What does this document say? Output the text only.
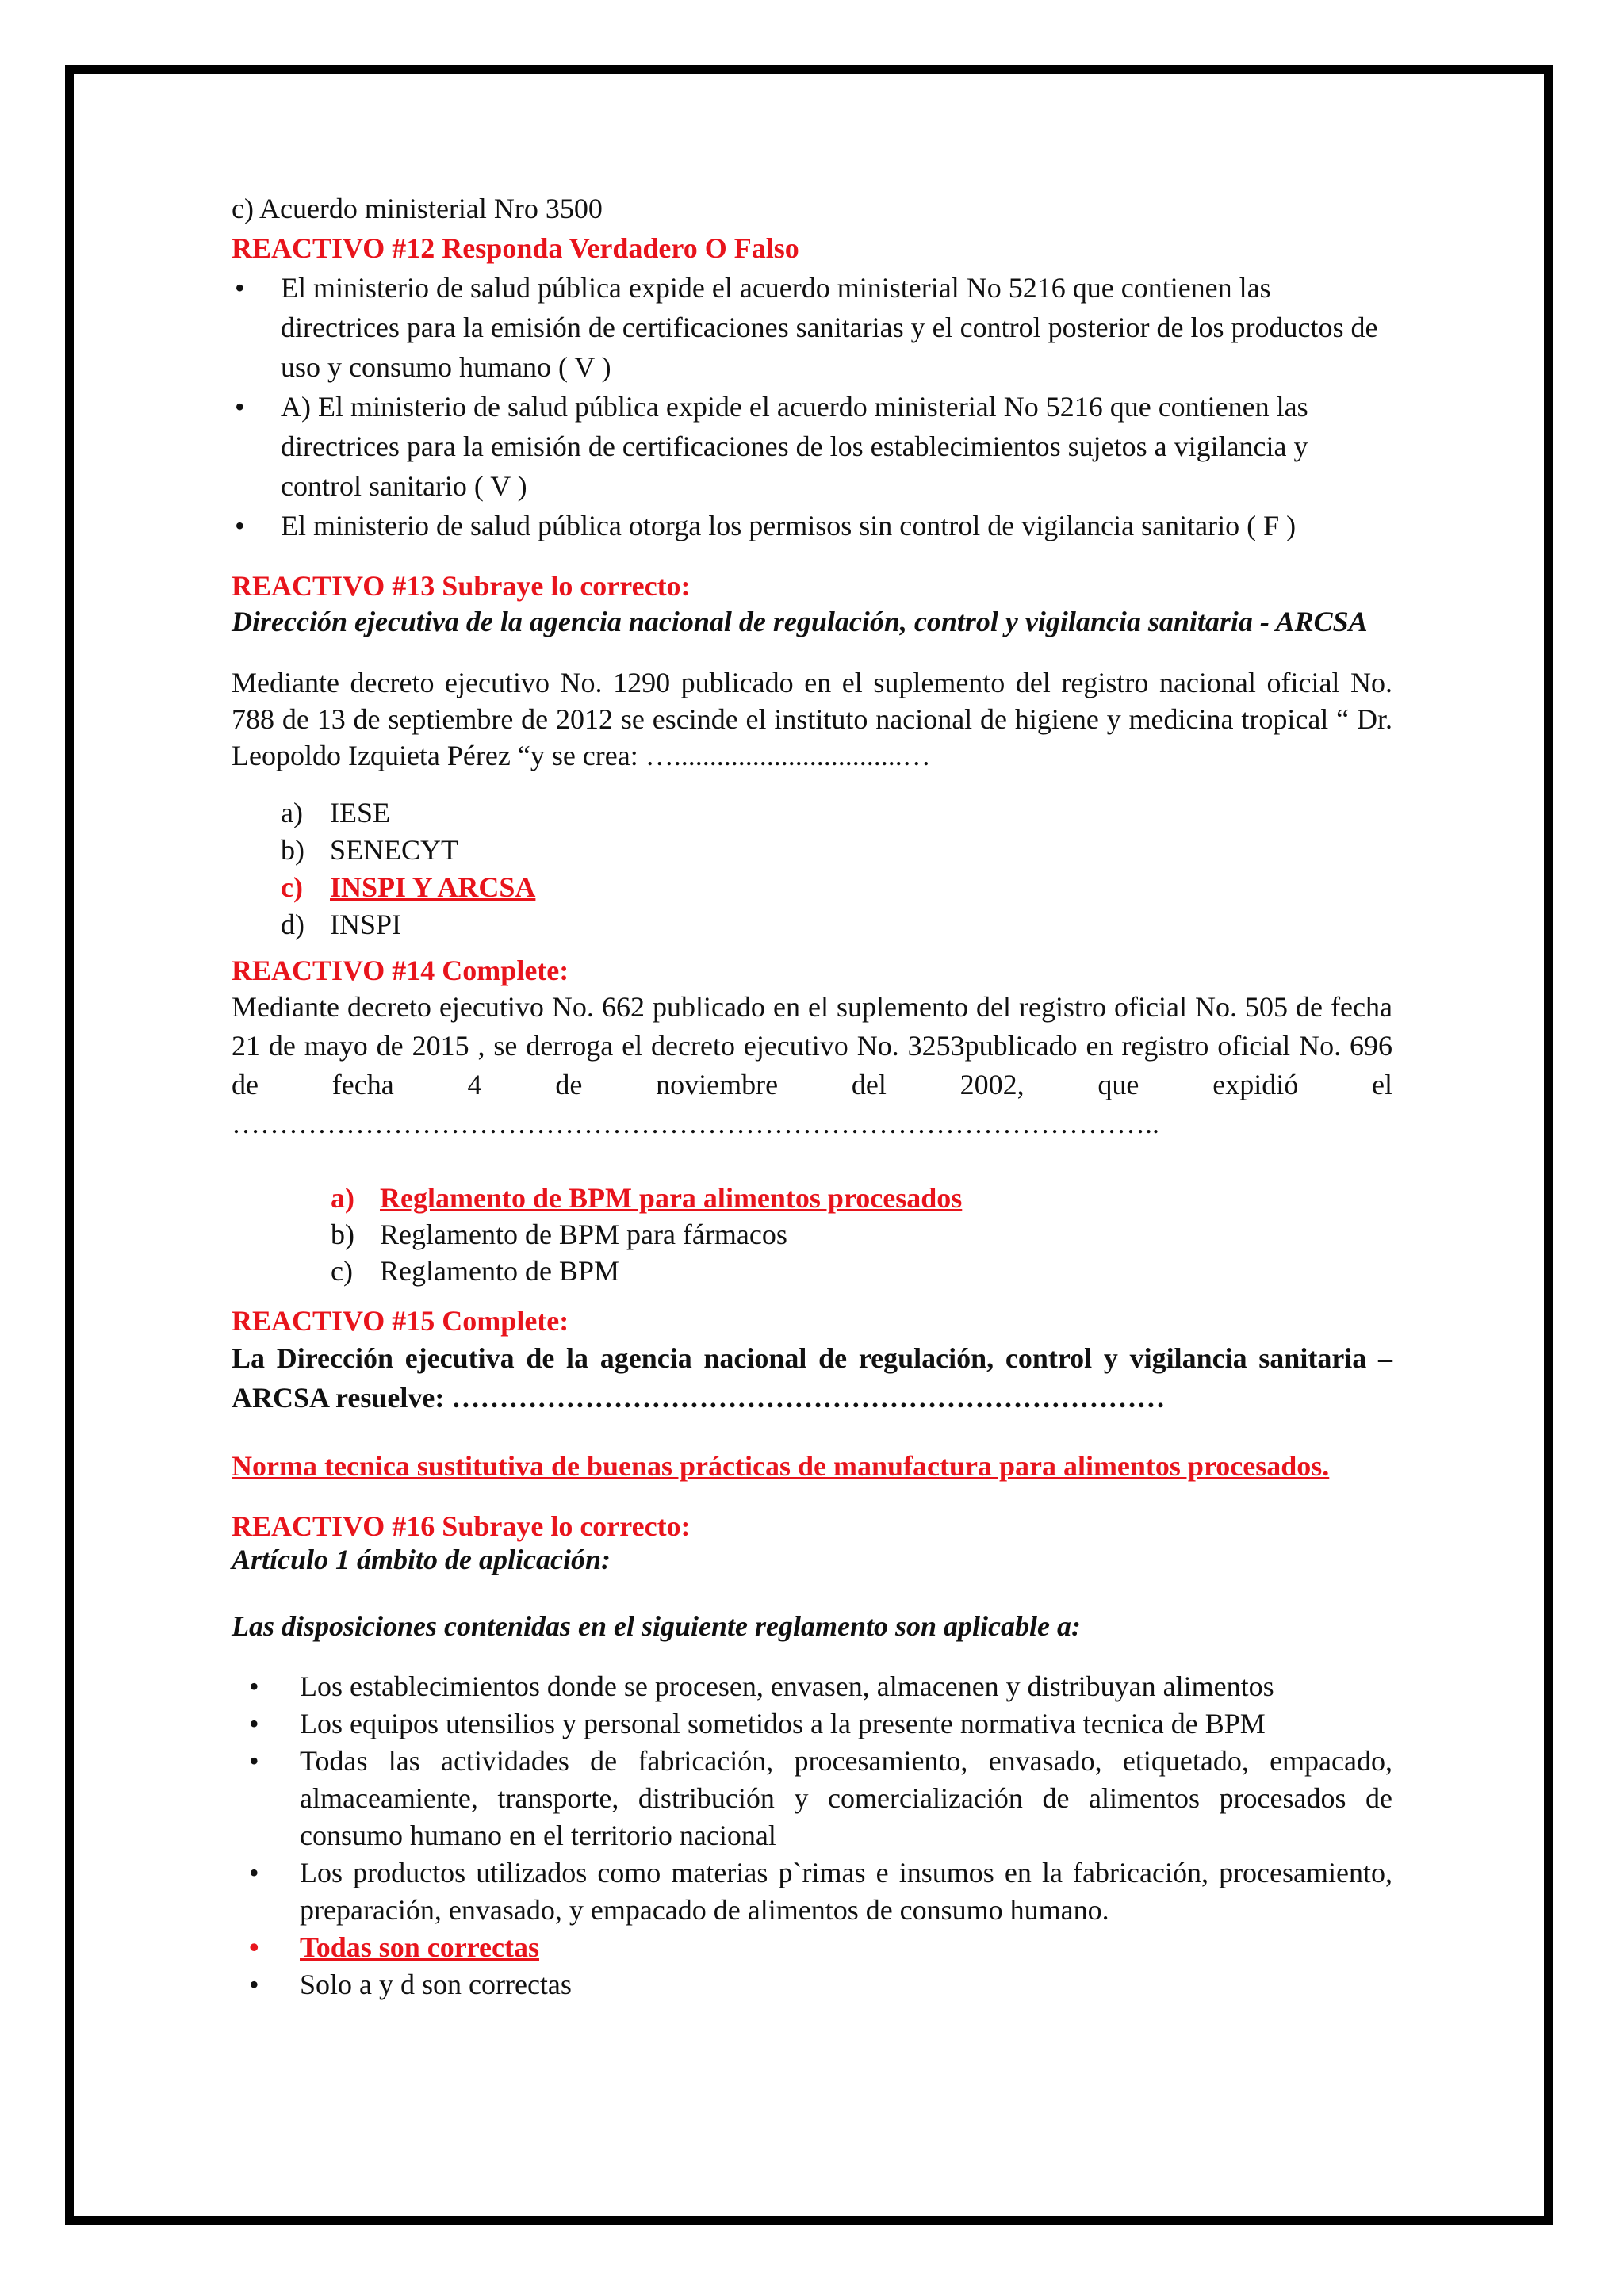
c) Acuerdo ministerial Nro 3500

REACTIVO #12 Responda Verdadero O Falso

•	El ministerio de salud pública expide el acuerdo ministerial No 5216 que contienen las directrices para la emisión de certificaciones sanitarias y el control posterior de los productos de uso y consumo humano ( V )
•	A) El ministerio de salud pública expide el acuerdo ministerial No 5216 que contienen las directrices para la emisión de certificaciones de los establecimientos sujetos a vigilancia y control sanitario ( V )
•	El ministerio de salud pública otorga los permisos sin control de vigilancia sanitario ( F )

REACTIVO #13 Subraye lo correcto:

Dirección ejecutiva de la agencia nacional de regulación, control y vigilancia sanitaria - ARCSA

Mediante decreto ejecutivo No. 1290 publicado en el suplemento del registro nacional oficial No. 788 de 13 de septiembre de 2012 se escinde el instituto nacional de higiene y medicina tropical “ Dr. Leopoldo Izquieta Pérez “y se crea: …................................…

a) IESE
b) SENECYT
c) INSPI Y ARCSA
d) INSPI

REACTIVO #14 Complete:

Mediante decreto ejecutivo No. 662 publicado en el suplemento del registro oficial No. 505 de fecha 21 de mayo de 2015 , se derroga el decreto ejecutivo No. 3253publicado en registro oficial No. 696 de fecha 4 de noviembre del 2002, que expidió el ……………………………………………………………………………………..

a) Reglamento de BPM para alimentos procesados
b) Reglamento de BPM para fármacos
c) Reglamento de BPM

REACTIVO #15 Complete:

La Dirección ejecutiva de la agencia nacional de regulación, control y vigilancia sanitaria – ARCSA resuelve: …………………………………………………………………

Norma tecnica sustitutiva de buenas prácticas de manufactura para alimentos procesados.

REACTIVO #16 Subraye lo correcto:

Artículo 1 ámbito de aplicación:

Las disposiciones contenidas en el siguiente reglamento son aplicable a:

•	Los establecimientos donde se procesen, envasen, almacenen y distribuyan alimentos
•	Los equipos utensilios y personal sometidos a la presente normativa tecnica de BPM
•	Todas las actividades de fabricación, procesamiento, envasado, etiquetado, empacado, almaceamiente, transporte, distribución y comercialización de alimentos procesados de consumo humano en el territorio nacional
•	Los productos utilizados como materias p`rimas e insumos en la fabricación, procesamiento, preparación, envasado, y empacado de alimentos de consumo humano.
•	Todas son correctas
•	Solo a y d son correctas
